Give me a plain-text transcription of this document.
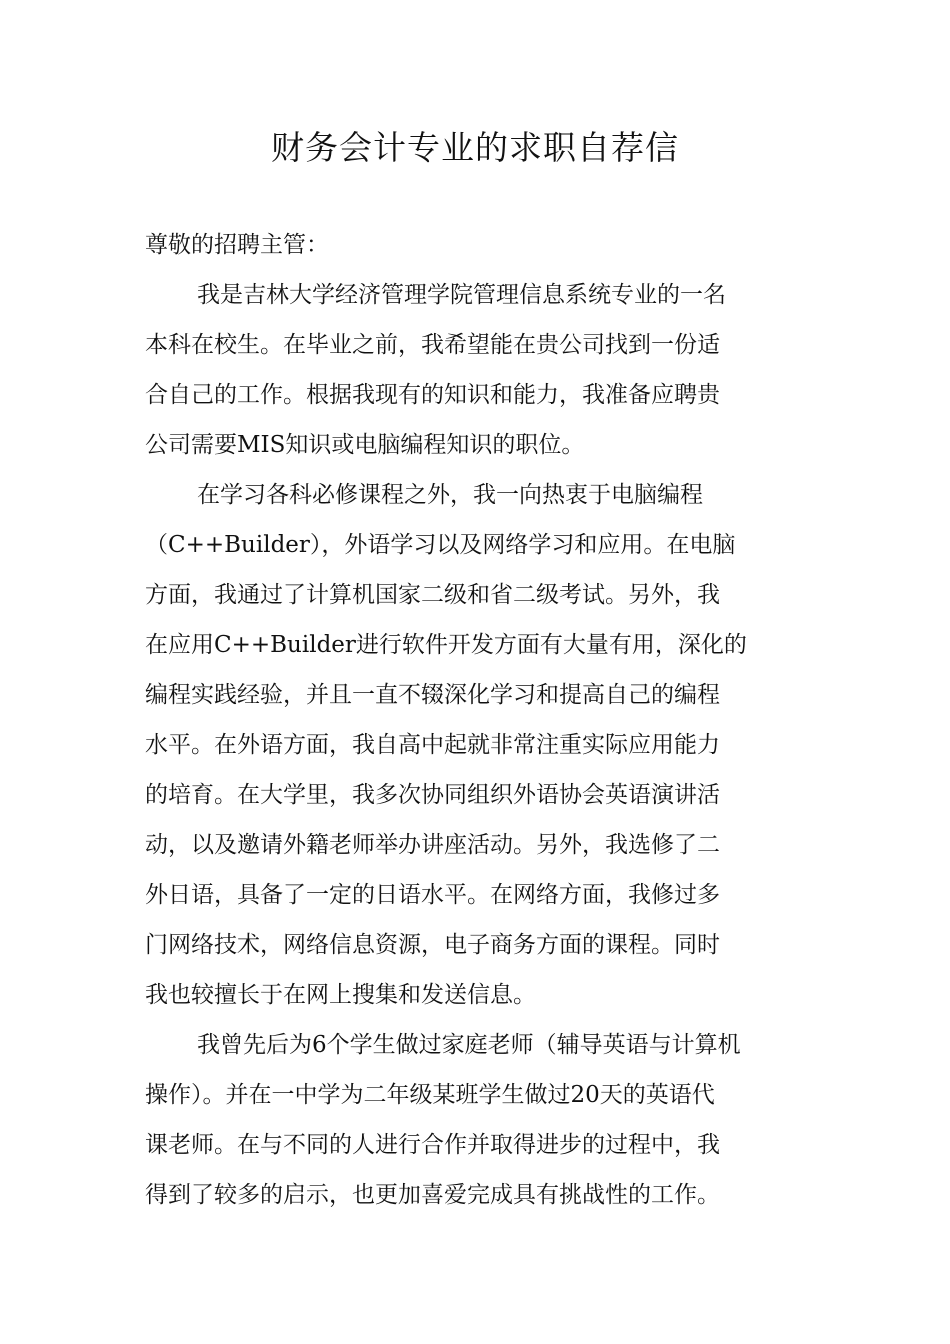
财务会计专业的求职自荐信
尊敬的招聘主管：
我是吉林大学经济管理学院管理信息系统专业的一名
本科在校生。在毕业之前，我希望能在贵公司找到一份适
合自己的工作。根据我现有的知识和能力，我准备应聘贵
公司需要MIS知识或电脑编程知识的职位。
在学习各科必修课程之外，我一向热衷于电脑编程
（C++Builder），外语学习以及网络学习和应用。在电脑
方面，我通过了计算机国家二级和省二级考试。另外，我
在应用C++Builder进行软件开发方面有大量有用，深化的
编程实践经验，并且一直不辍深化学习和提高自己的编程
水平。在外语方面，我自高中起就非常注重实际应用能力
的培育。在大学里，我多次协同组织外语协会英语演讲活
动，以及邀请外籍老师举办讲座活动。另外，我选修了二
外日语，具备了一定的日语水平。在网络方面，我修过多
门网络技术，网络信息资源，电子商务方面的课程。同时
我也较擅长于在网上搜集和发送信息。
我曾先后为6个学生做过家庭老师（辅导英语与计算机
操作）。并在一中学为二年级某班学生做过20天的英语代
课老师。在与不同的人进行合作并取得进步的过程中，我
得到了较多的启示，也更加喜爱完成具有挑战性的工作。
